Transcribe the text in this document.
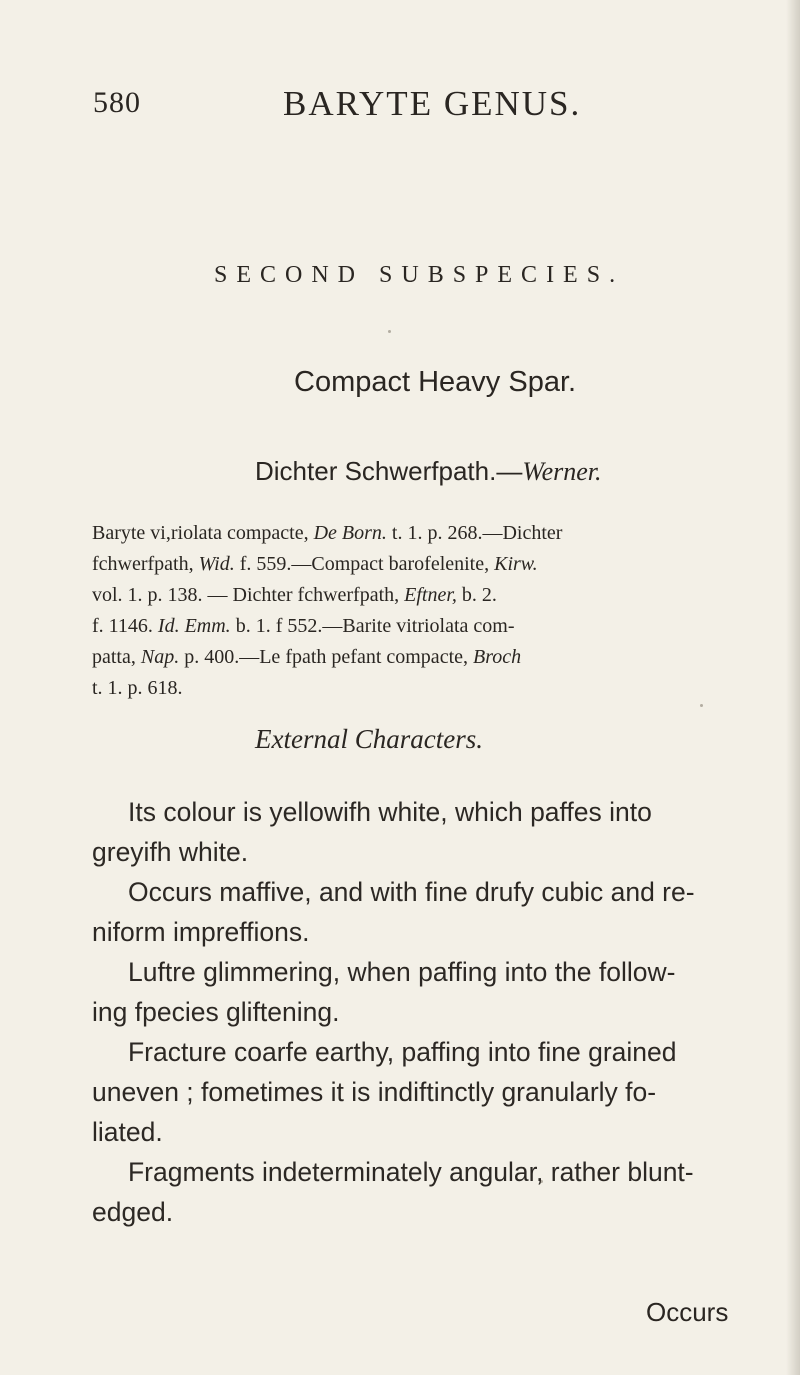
580	BARYTE GENUS.
SECOND SUBSPECIES.
Compact Heavy Spar.
Dichter Schwerfpath.—Werner.

Baryte vi,riolata compacte, De Born. t. 1. p. 268.—Dichter

fchwerfpath, Wid. f. 559.—Compact barofelenite, Kirw.

vol. 1. p. 138. — Dichter fchwerfpath, Eftner, b. 2.

f. 1146. Id. Emm. b. 1. f 552.—Barite vitriolata com-

patta, Nap. p. 400.—Le fpath pefant compacte, Broch

t. 1. p. 618.

External Characters.
Its colour is yellowifh white, which paffes into
greyifh white.
Occurs maffive, and with fine drufy cubic and re-
niform impreffions.
Luftre glimmering, when paffing into the follow-
ing fpecies gliftening.
Fracture coarfe earthy, paffing into fine grained
uneven ; fometimes it is indiftinctly granularly fo-
liated.
Fragments indeterminately angular, rather blunt-
edged.
Occurs
